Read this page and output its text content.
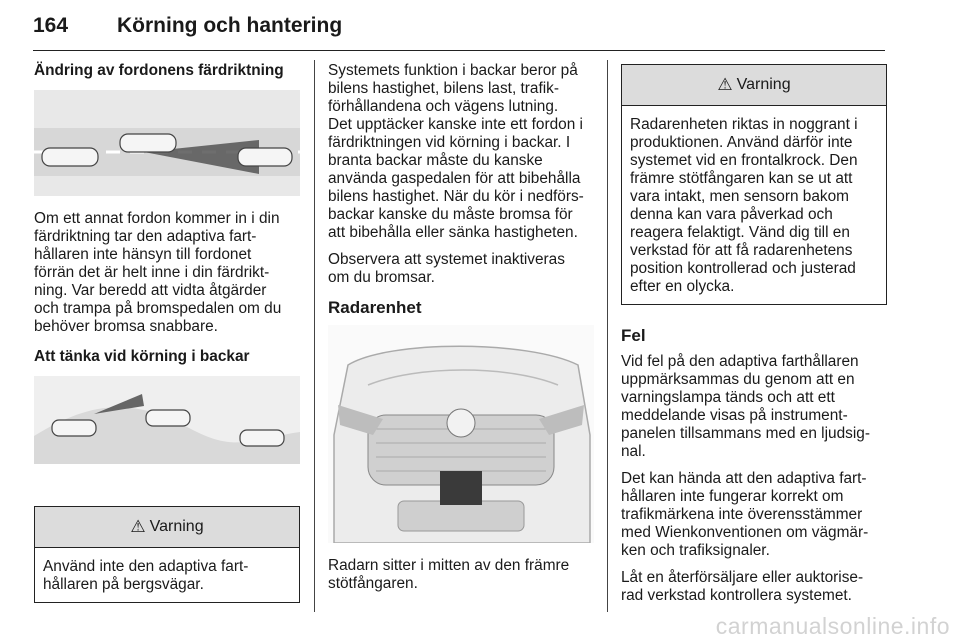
164 Körning och hantering
Ändring av fordonens färdriktning

Om ett annat fordon kommer in i din
färdriktning tar den adaptiva fart-
hållaren inte hänsyn till fordonet
förrän det är helt inne i din färdrikt-
ning. Var beredd att vidta åtgärder
och trampa på bromspedalen om du
behöver bromsa snabbare.

Att tänka vid körning i backar
⚠ Varning
Använd inte den adaptiva fart-
hållaren på bergsvägar.

Systemets funktion i backar beror på
bilens hastighet, bilens last, trafik-
förhållandena och vägens lutning.
Det upptäcker kanske inte ett fordon i
färdriktningen vid körning i backar. I
branta backar måste du kanske
använda gaspedalen för att bibehålla
bilens hastighet. När du kör i nedförs-
backar kanske du måste bromsa för
att bibehålla eller sänka hastigheten.

Observera att systemet inaktiveras
om du bromsar.

Radarenhet

Radarn sitter i mitten av den främre
stötfångaren.

⚠ Varning
Radarenheten riktas in noggrant i
produktionen. Använd därför inte
systemet vid en frontalkrock. Den
främre stötfångaren kan se ut att
vara intakt, men sensorn bakom
denna kan vara påverkad och
reagera felaktigt. Vänd dig till en
verkstad för att få radarenhetens
position kontrollerad och justerad
efter en olycka.
Fel

Vid fel på den adaptiva farthållaren
uppmärksammas du genom att en
varningslampa tänds och att ett
meddelande visas på instrument-
panelen tillsammans med en ljudsig-
nal.

Det kan hända att den adaptiva fart-
hållaren inte fungerar korrekt om
trafikmärkena inte överensstämmer
med Wienkonventionen om vägmär-
ken och trafiksignaler.

Låt en återförsäljare eller auktorise-
rad verkstad kontrollera systemet.

carmanualsonline.info
